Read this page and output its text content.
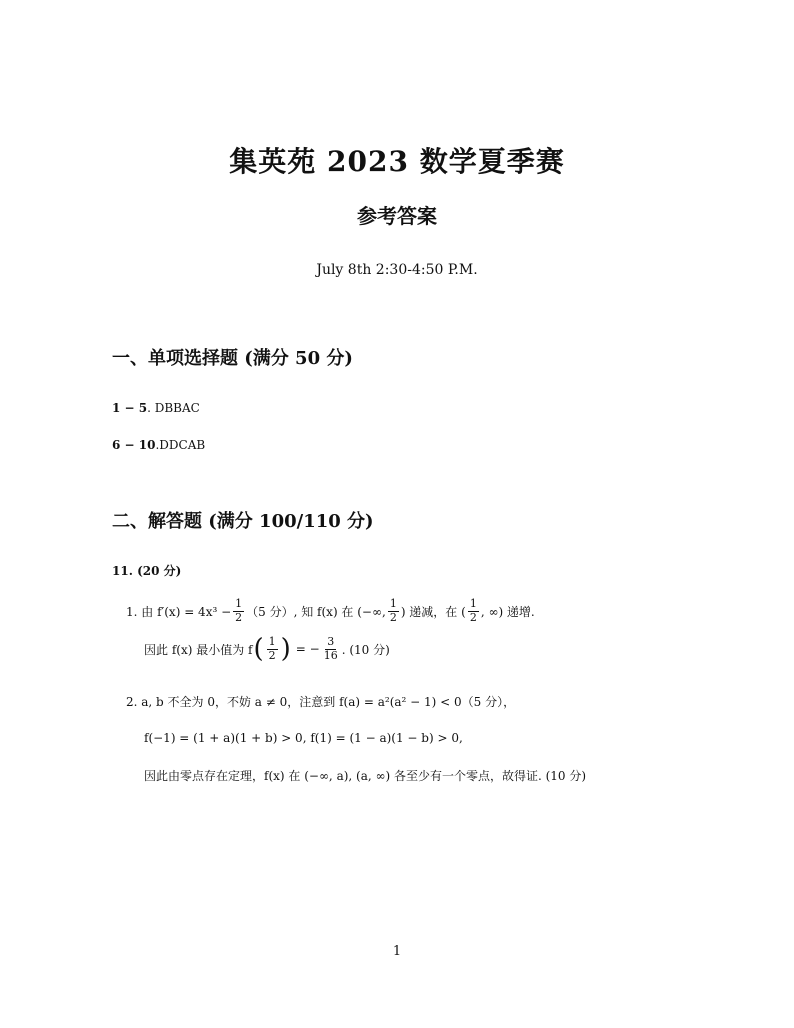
集英苑 2023 数学夏季赛
参考答案
July 8th 2:30-4:50 P.M.
一、单项选择题 (满分 50 分)
1 − 5. DBBAC
6 − 10.DDCAB
二、解答题 (满分 100/110 分)
11. (20 分)
1. 由 $f'(x) = 4x^3 - \frac{1}{2} (5$ 分）, 知 f(x) 在 (−∞, $\frac{1}{2}$ ) 递减，在 ( $\frac{1}{2}$ , ∞) 递增.
因此 f(x) 最小值为 f ( $\frac{1}{2}$ ) = − $\frac{3}{16}$ . (10 分)
2. a, b 不全为 0，不妨 a ≠ 0，注意到 f(a) = a²(a² − 1) < 0（5 分），
f(−1) = (1 + a)(1 + b) > 0, f(1) = (1 − a)(1 − b) > 0,
因此由零点存在定理，f(x) 在 (−∞, a), (a, ∞) 各至少有一个零点，故得证. (10 分)
1
